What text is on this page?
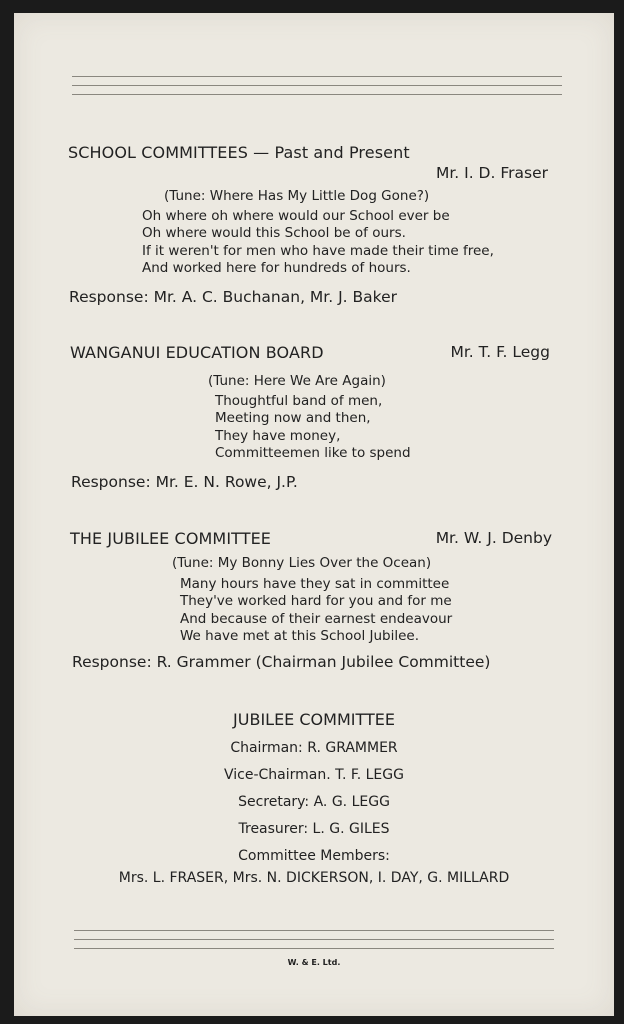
SCHOOL COMMITTEES — Past and Present
Mr. I. D. Fraser
(Tune: Where Has My Little Dog Gone?)
Oh where oh where would our School ever be
Oh where would this School be of ours.
If it weren't for men who have made their time free,
And worked here for hundreds of hours.
Response: Mr. A. C. Buchanan, Mr. J. Baker
WANGANUI EDUCATION BOARD	Mr. T. F. Legg
(Tune: Here We Are Again)
Thoughtful band of men,
Meeting now and then,
They have money,
Committeemen like to spend
Response: Mr. E. N. Rowe, J.P.
THE JUBILEE COMMITTEE	Mr. W. J. Denby
(Tune: My Bonny Lies Over the Ocean)
Many hours have they sat in committee
They've worked hard for you and for me
And because of their earnest endeavour
We have met at this School Jubilee.
Response: R. Grammer (Chairman Jubilee Committee)
JUBILEE COMMITTEE
Chairman: R. GRAMMER
Vice-Chairman. T. F. LEGG
Secretary: A. G. LEGG
Treasurer: L. G. GILES
Committee Members:
Mrs. L. FRASER, Mrs. N. DICKERSON, I. DAY, G. MILLARD
W. & E. Ltd.
